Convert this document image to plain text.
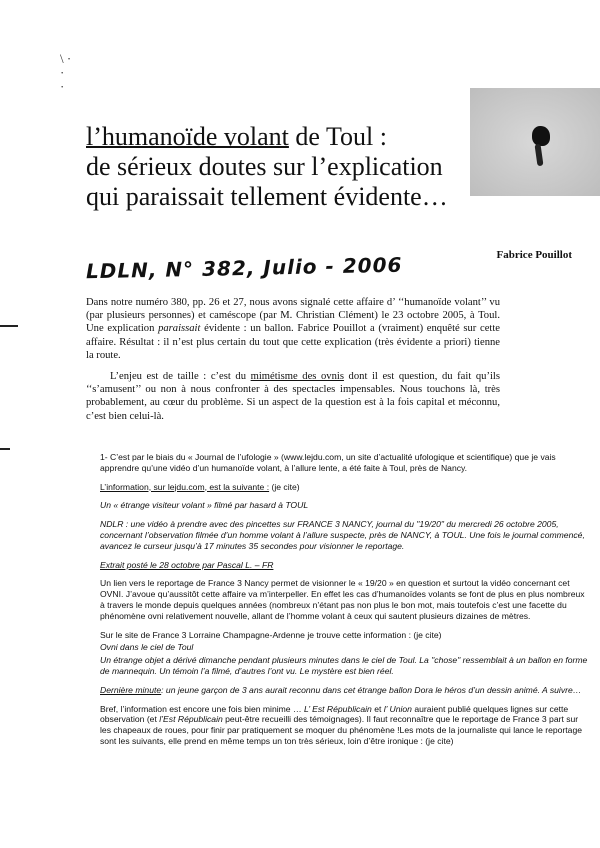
\ ·
·
·
l’humanoïde volant de Toul :
de sérieux doutes sur l’explication
qui paraissait tellement évidente…
Fabrice Pouillot
LDLN, N° 382, Julio - 2006

Dans notre numéro 380, pp. 26 et 27, nous avons signalé cette affaire d’ ‘‘humanoïde volant’’ vu (par plusieurs personnes) et caméscope (par M. Christian Clément) le 23 octobre 2005, à Toul. Une explication paraissait évidente : un ballon. Fabrice Pouillot a (vraiment) enquêté sur cette affaire. Résultat : il n’est plus certain du tout que cette explication (très évidente a priori) tienne la route.

L’enjeu est de taille : c’est du mimétisme des ovnis dont il est question, du fait qu’ils ‘‘s’amusent’’ ou non à nous confronter à des spectacles impensables. Nous touchons là, très probablement, au cœur du problème. Si un aspect de la question est à la fois capital et méconnu, c’est bien celui-là.

1- C’est par le biais du « Journal de l’ufologie » (www.lejdu.com, un site d’actualité ufologique et scientifique) que je vais apprendre qu’une vidéo d’un humanoïde volant, à l’allure lente, a été faite à Toul, près de Nancy.

L’information, sur lejdu.com, est la suivante : (je cite)

Un « étrange visiteur volant » filmé par hasard à TOUL

NDLR : une vidéo à prendre avec des pincettes sur FRANCE 3 NANCY, journal du "19/20" du mercredi 26 octobre 2005, concernant l’observation filmée d’un homme volant à l’allure suspecte, près de NANCY, à TOUL. Une fois le journal commencé, avancez le curseur jusqu’à 17 minutes 35 secondes pour visionner le reportage.

Extrait posté le 28 octobre par Pascal L. – FR

Un lien vers le reportage de France 3 Nancy permet de visionner le « 19/20 » en question et surtout la vidéo concernant cet OVNI. J’avoue qu’aussitôt cette affaire va m’interpeller. En effet les cas d’humanoïdes volants se font de plus en plus nombreux à travers le monde depuis quelques années (nombreux n’étant pas non plus le bon mot, mais toutefois c’est une facette du phénomène ovni relativement nouvelle, allant de l’homme volant à ceux qui sautent plusieurs dizaines de mètres.

Sur le site de France 3 Lorraine Champagne-Ardenne je trouve cette information : (je cite)

Ovni dans le ciel de Toul

Un étrange objet a dérivé dimanche pendant plusieurs minutes dans le ciel de Toul. La "chose" ressemblait à un ballon en forme de mannequin. Un témoin l’a filmé, d’autres l’ont vu. Le mystère est bien réel.

Dernière minute: un jeune garçon de 3 ans aurait reconnu dans cet étrange ballon Dora le héros d’un dessin animé. A suivre…

Bref, l’information est encore une fois bien minime … L’ Est Républicain et l’ Union auraient publié quelques lignes sur cette observation (et l’Est Républicain peut-être recueilli des témoignages). Il faut reconnaître que le reportage de France 3 part sur les chapeaux de roues, pour finir par pratiquement se moquer du phénomène !Les mots de la journaliste qui lance le reportage sont les suivants, elle prend en même temps un ton très sérieux, loin d’être ironique : (je cite)
